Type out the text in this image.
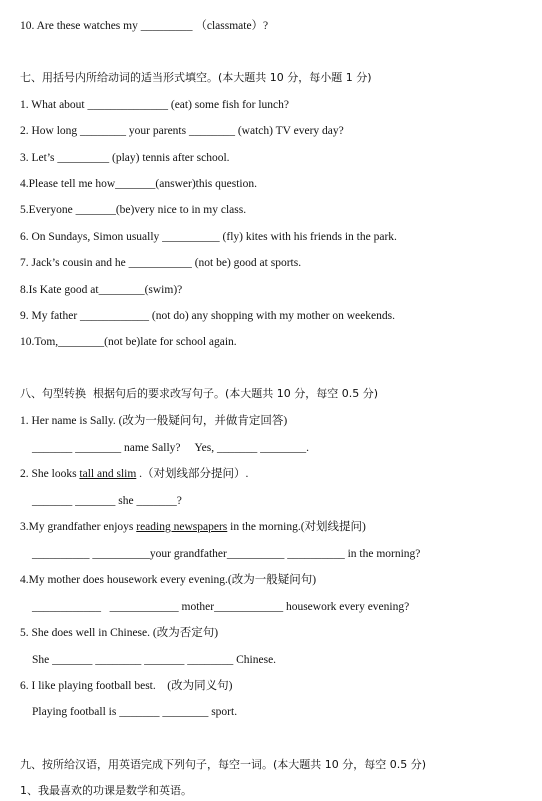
10. Are these watches my _________ （classmate）?
七、用括号内所给动词的适当形式填空。(本大题共 10 分，每小题 1 分)
1. What about ______________ (eat) some fish for lunch?
2. How long ________ your parents ________ (watch) TV every day?
3. Let’s _________ (play) tennis after school.
4.Please tell me how_______(answer)this question.
5.Everyone _______(be)very nice to in my class.
6. On Sundays, Simon usually __________ (fly) kites with his friends in the park.
7. Jack’s cousin and he ___________ (not be) good at sports.
8.Is Kate good at________(swim)?
9. My father ____________ (not do) any shopping with my mother on weekends.
10.Tom,________(not be)late for school again.
八、句型转换  根据句后的要求改写句子。(本大题共 10 分，每空 0.5 分)
1. Her name is Sally. (改为一般疑问句，并做肯定回答)
_______ ________ name Sally?     Yes, _______ ________.
2. She looks tall and slim .（对划线部分提问）.
_______ _______ she _______?
3.My grandfather enjoys reading newspapers in the morning.(对划线提问)
__________ __________your grandfather__________ __________ in the morning?
4.My mother does housework every evening.(改为一般疑问句)
____________   ____________ mother____________ housework every evening?
5. She does well in Chinese. (改为否定句)
She _______ ________ _______ ________ Chinese.
6. I like playing football best.    (改为同义句)
Playing football is _______ ________ sport.
九、按所给汉语，用英语完成下列句子，每空一词。(本大题共 10 分，每空 0.5 分)
1、我最喜欢的功课是数学和英语。
